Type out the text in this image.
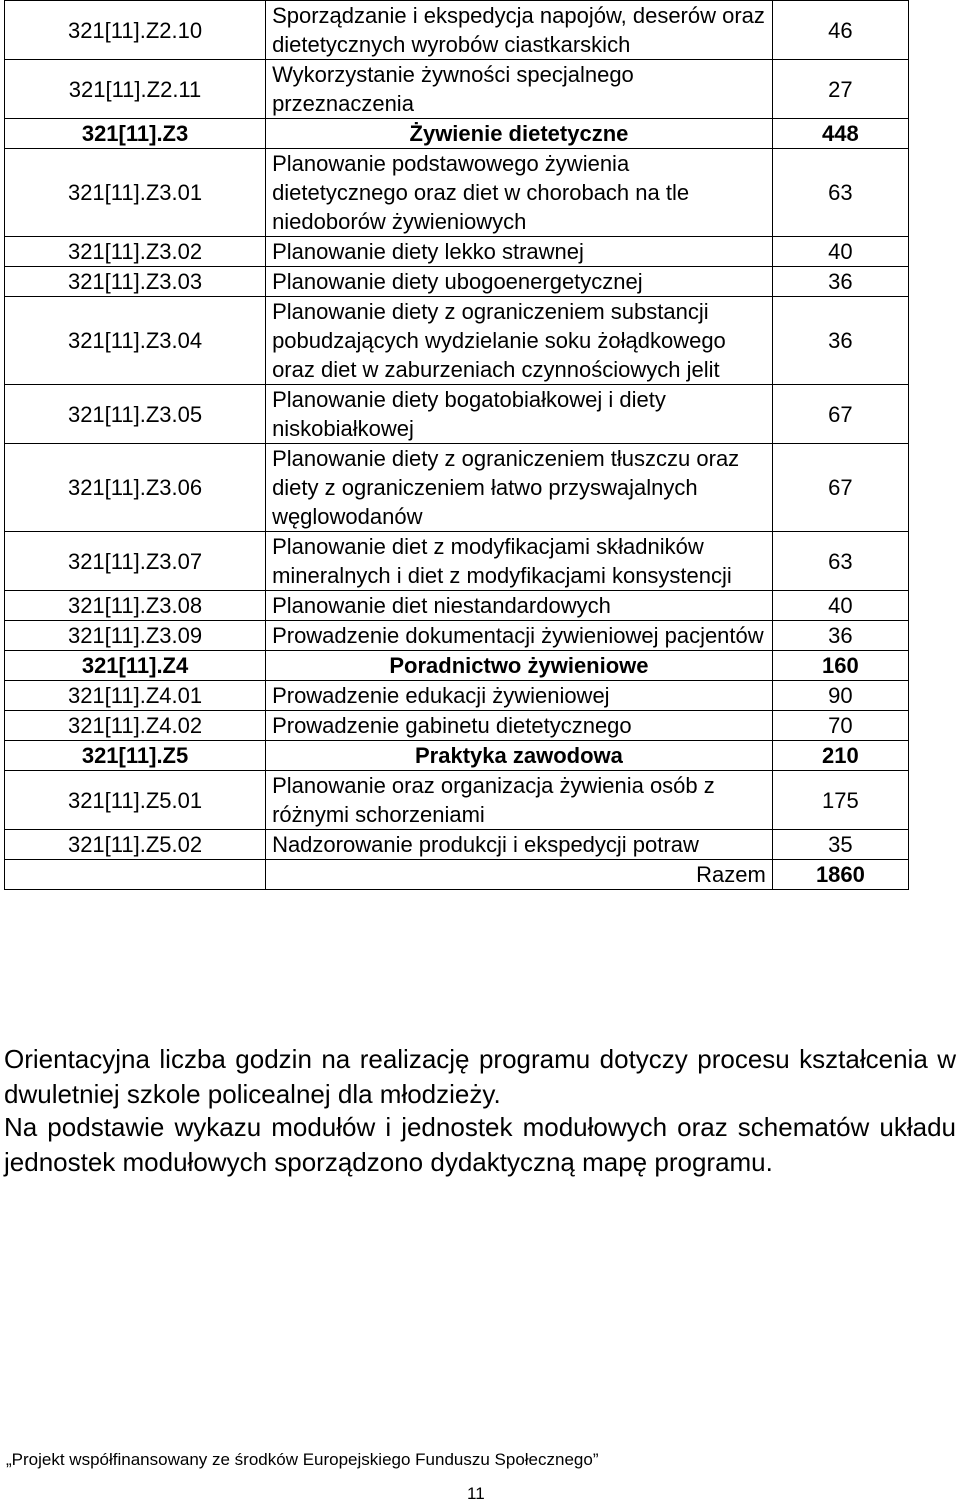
321[11].Z2.10	Sporządzanie i ekspedycja napojów, deserów oraz dietetycznych wyrobów ciastkarskich	46
321[11].Z2.11	Wykorzystanie żywności specjalnego przeznaczenia	27
321[11].Z3	Żywienie dietetyczne	448
321[11].Z3.01	Planowanie podstawowego żywienia dietetycznego oraz diet w chorobach na tle niedoborów żywieniowych	63
321[11].Z3.02	Planowanie diety lekko strawnej	40
321[11].Z3.03	Planowanie diety ubogoenergetycznej	36
321[11].Z3.04	Planowanie diety z ograniczeniem substancji pobudzających wydzielanie soku żołądkowego oraz diet w zaburzeniach czynnościowych jelit	36
321[11].Z3.05	Planowanie diety bogatobiałkowej i diety niskobiałkowej	67
321[11].Z3.06	Planowanie diety z ograniczeniem tłuszczu oraz diety z ograniczeniem łatwo przyswajalnych węglowodanów	67
321[11].Z3.07	Planowanie diet z modyfikacjami składników mineralnych i diet z modyfikacjami konsystencji	63
321[11].Z3.08	Planowanie diet niestandardowych	40
321[11].Z3.09	Prowadzenie dokumentacji żywieniowej pacjentów	36
321[11].Z4	Poradnictwo żywieniowe	160
321[11].Z4.01	Prowadzenie edukacji żywieniowej	90
321[11].Z4.02	Prowadzenie gabinetu dietetycznego	70
321[11].Z5	Praktyka zawodowa	210
321[11].Z5.01	Planowanie oraz organizacja żywienia osób z różnymi schorzeniami	175
321[11].Z5.02	Nadzorowanie produkcji i ekspedycji potraw	35
	Razem	1860

Orientacyjna liczba godzin na realizację programu dotyczy procesu kształcenia w dwuletniej szkole policealnej dla młodzieży.

Na podstawie wykazu modułów i jednostek modułowych oraz schematów układu jednostek modułowych sporządzono dydaktyczną mapę programu.

„Projekt współfinansowany ze środków Europejskiego Funduszu Społecznego”
11
